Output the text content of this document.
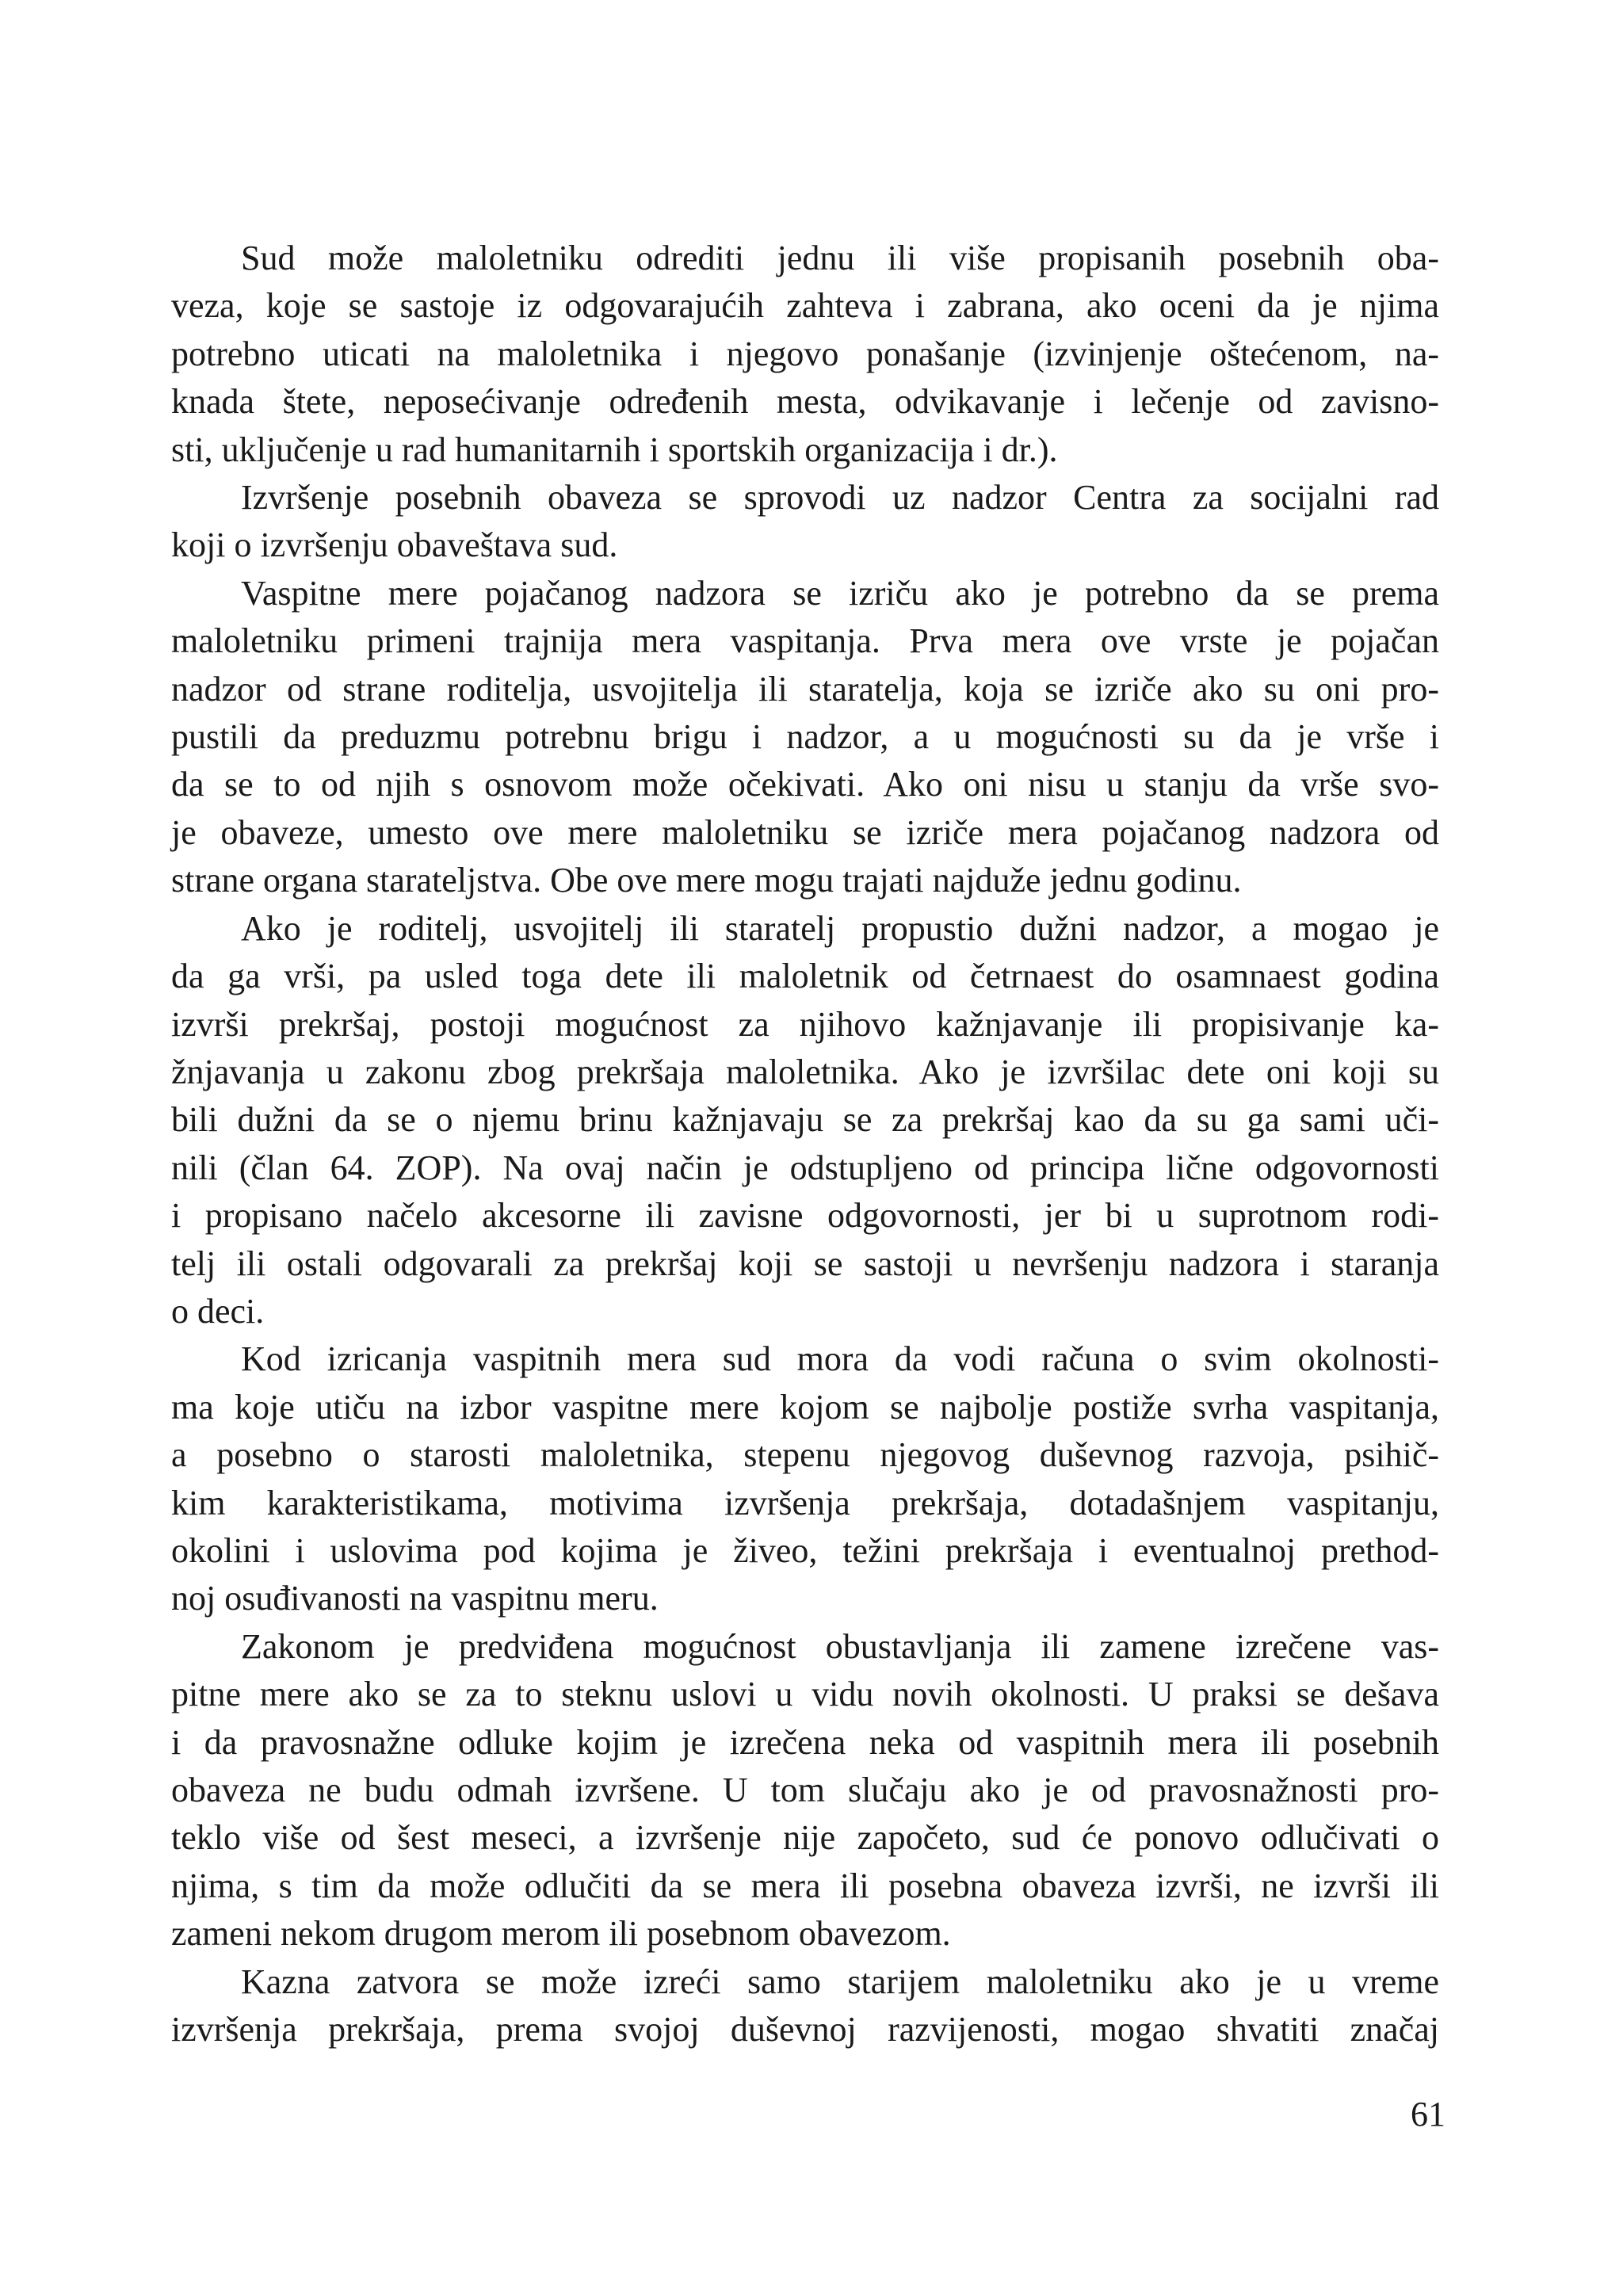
Sud može maloletniku odrediti jednu ili više propisanih posebnih oba-
veza, koje se sastoje iz odgovarajućih zahteva i zabrana, ako oceni da je njima
potrebno uticati na maloletnika i njegovo ponašanje (izvinjenje oštećenom, na-
knada štete, neposećivanje određenih mesta, odvikavanje i lečenje od zavisno-
sti, uključenje u rad humanitarnih i sportskih organizacija i dr.).

Izvršenje posebnih obaveza se sprovodi uz nadzor Centra za socijalni rad
koji o izvršenju obaveštava sud.

Vaspitne mere pojačanog nadzora se izriču ako je potrebno da se prema
maloletniku primeni trajnija mera vaspitanja. Prva mera ove vrste je pojačan
nadzor od strane roditelja, usvojitelja ili staratelja, koja se izriče ako su oni pro-
pustili da preduzmu potrebnu brigu i nadzor, a u mogućnosti su da je vrše i
da se to od njih s osnovom može očekivati. Ako oni nisu u stanju da vrše svo-
je obaveze, umesto ove mere maloletniku se izriče mera pojačanog nadzora od
strane organa starateljstva. Obe ove mere mogu trajati najduže jednu godinu.

Ako je roditelj, usvojitelj ili staratelj propustio dužni nadzor, a mogao je
da ga vrši, pa usled toga dete ili maloletnik od četrnaest do osamnaest godina
izvrši prekršaj, postoji mogućnost za njihovo kažnjavanje ili propisivanje ka-
žnjavanja u zakonu zbog prekršaja maloletnika. Ako je izvršilac dete oni koji su
bili dužni da se o njemu brinu kažnjavaju se za prekršaj kao da su ga sami uči-
nili (član 64. ZOP). Na ovaj način je odstupljeno od principa lične odgovornosti
i propisano načelo akcesorne ili zavisne odgovornosti, jer bi u suprotnom rodi-
telj ili ostali odgovarali za prekršaj koji se sastoji u nevršenju nadzora i staranja
o deci.

Kod izricanja vaspitnih mera sud mora da vodi računa o svim okolnosti-
ma koje utiču na izbor vaspitne mere kojom se najbolje postiže svrha vaspitanja,
a posebno o starosti maloletnika, stepenu njegovog duševnog razvoja, psihič-
kim karakteristikama, motivima izvršenja prekršaja, dotadašnjem vaspitanju,
okolini i uslovima pod kojima je živeo, težini prekršaja i eventualnoj prethod-
noj osuđivanosti na vaspitnu meru.

Zakonom je predviđena mogućnost obustavljanja ili zamene izrečene vas-
pitne mere ako se za to steknu uslovi u vidu novih okolnosti. U praksi se dešava
i da pravosnažne odluke kojim je izrečena neka od vaspitnih mera ili posebnih
obaveza ne budu odmah izvršene. U tom slučaju ako je od pravosnažnosti pro-
teklo više od šest meseci, a izvršenje nije započeto, sud će ponovo odlučivati o
njima, s tim da može odlučiti da se mera ili posebna obaveza izvrši, ne izvrši ili
zameni nekom drugom merom ili posebnom obavezom.

Kazna zatvora se može izreći samo starijem maloletniku ako je u vreme
izvršenja prekršaja, prema svojoj duševnoj razvijenosti, mogao shvatiti značaj

61
